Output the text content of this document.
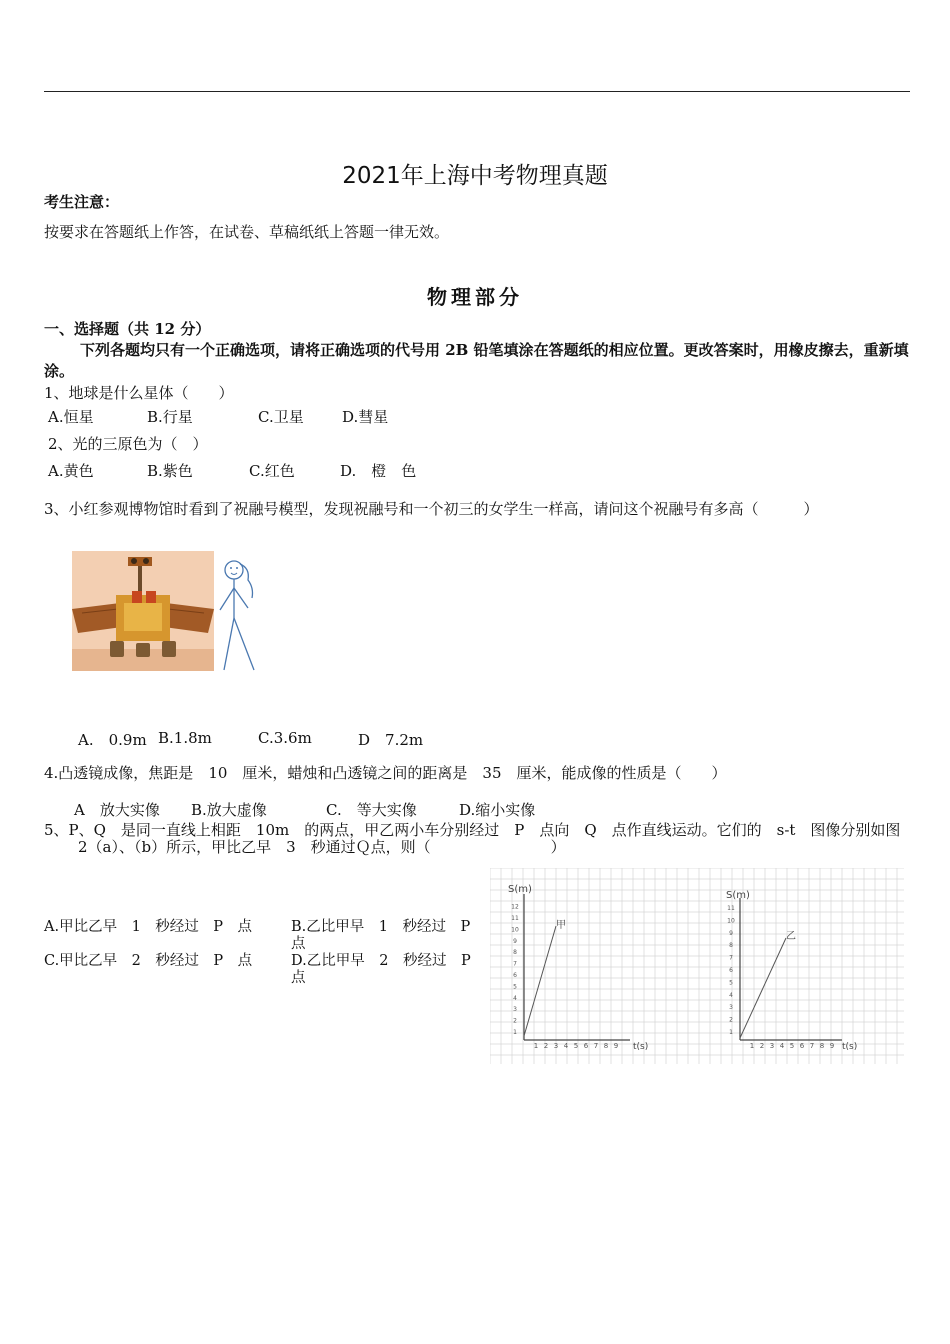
2021年上海中考物理真题
考生注意：
按要求在答题纸上作答，在试卷、草稿纸纸上答题一律无效。
物理部分
一、选择题（共 12 分）
下列各题均只有一个正确选项，请将正确选项的代号用 2B 铅笔填涂在答题纸的相应位置。更改答案时，用橡皮擦去，重新填涂。
1、地球是什么星体（　　）
A.恒星	B.行星	C.卫星	D.彗星
2、光的三原色为（　）
A.黄色	B.紫色	C.红色	D.　橙　色
3、小红参观博物馆时看到了祝融号模型，发现祝融号和一个初三的女学生一样高，请问这个祝融号有多高（　　　）
A.　0.9m B.1.8m	C.3.6m	D　7.2m
4.凸透镜成像，焦距是　10　厘米，蜡烛和凸透镜之间的距离是　35　厘米，能成像的性质是（　　）
A　放大实像 B.放大虚像	C.　等大实像	D.缩小实像
5、P、Q　是同一直线上相距　10m　的两点，甲乙两小车分别经过　P　点向　Q　点作直线运动。它们的　s-t　图像分别如图
2（a）、（b）所示，甲比乙早　3　秒通过Ｑ点，则（　　　　　　　　）
A.甲比乙早　1　秒经过　P　点	B.乙比甲早　1　秒经过　P　点
C.甲比乙早　2　秒经过　P　点	D.乙比甲早　2　秒经过　P　点
S(m)
t(s)
甲
1
2
3
4
5
6
7
8
9
10
11
12
1 2 3 4 5 6 7 8 9
S(m)
t(s)
乙
1
2
3
4
5
6
7
8
9
10
11
1 2 3 4 5 6 7 8 9
